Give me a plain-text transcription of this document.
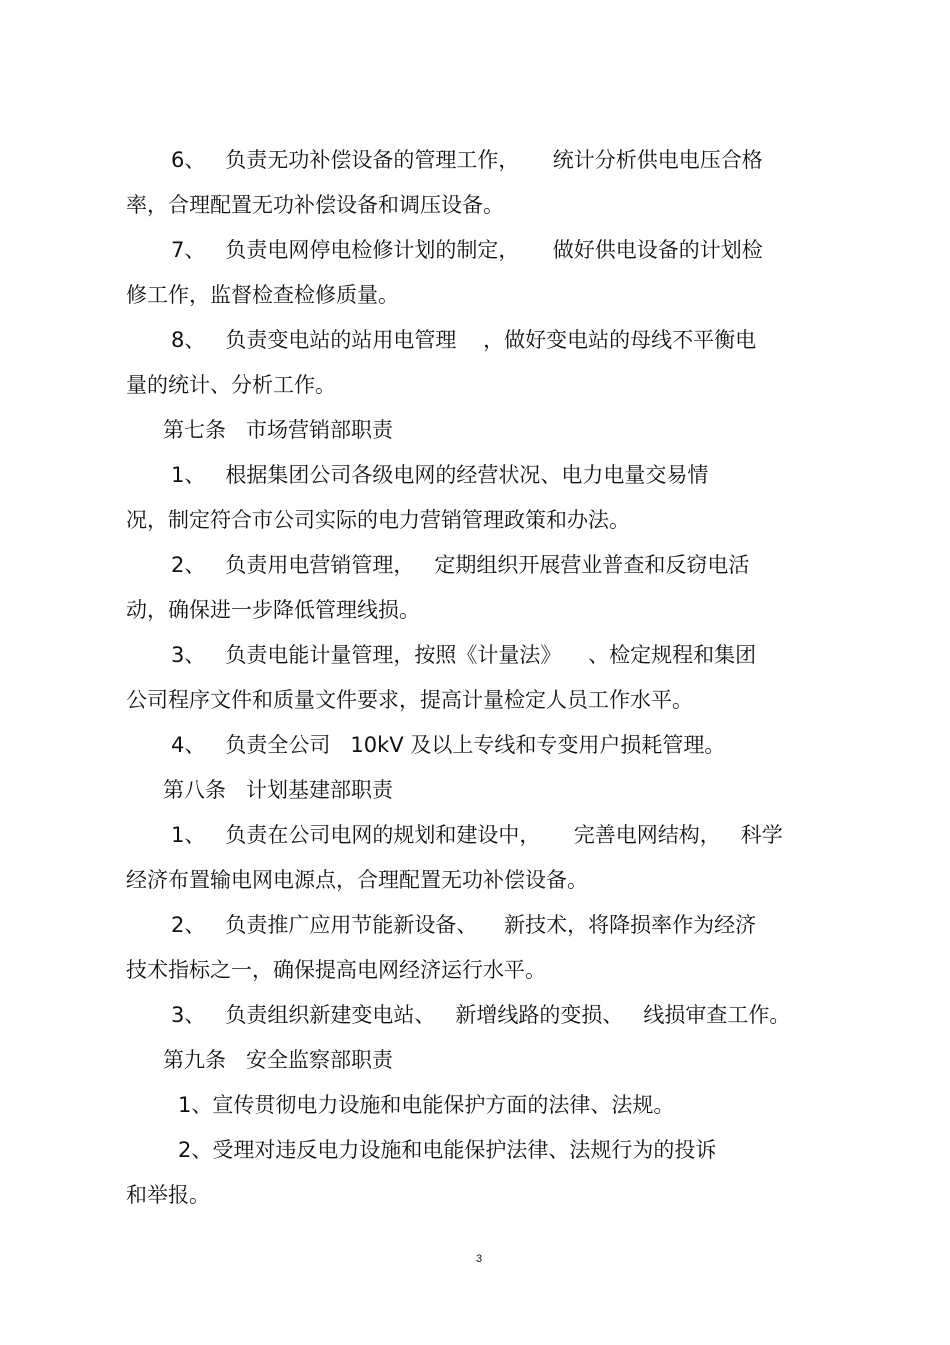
6、   负责无功补偿设备的管理工作，     统计分析供电电压合格
率，合理配置无功补偿设备和调压设备。
7、   负责电网停电检修计划的制定，     做好供电设备的计划检
修工作，监督检查检修质量。
8、   负责变电站的站用电管理    ，做好变电站的母线不平衡电
量的统计、分析工作。
第七条   市场营销部职责
1、   根据集团公司各级电网的经营状况、电力电量交易情
况，制定符合市公司实际的电力营销管理政策和办法。
2、   负责用电营销管理，   定期组织开展营业普查和反窃电活
动，确保进一步降低管理线损。
3、   负责电能计量管理，按照《计量法》    、检定规程和集团
公司程序文件和质量文件要求，提高计量检定人员工作水平。
4、   负责全公司   10kV 及以上专线和专变用户损耗管理。
第八条   计划基建部职责
1、   负责在公司电网的规划和建设中，     完善电网结构，   科学
经济布置输电网电源点，合理配置无功补偿设备。
2、   负责推广应用节能新设备、    新技术，将降损率作为经济
技术指标之一，确保提高电网经济运行水平。
3、   负责组织新建变电站、   新增线路的变损、   线损审查工作。
第九条   安全监察部职责
1、宣传贯彻电力设施和电能保护方面的法律、法规。
2、受理对违反电力设施和电能保护法律、法规行为的投诉
和举报。
3
